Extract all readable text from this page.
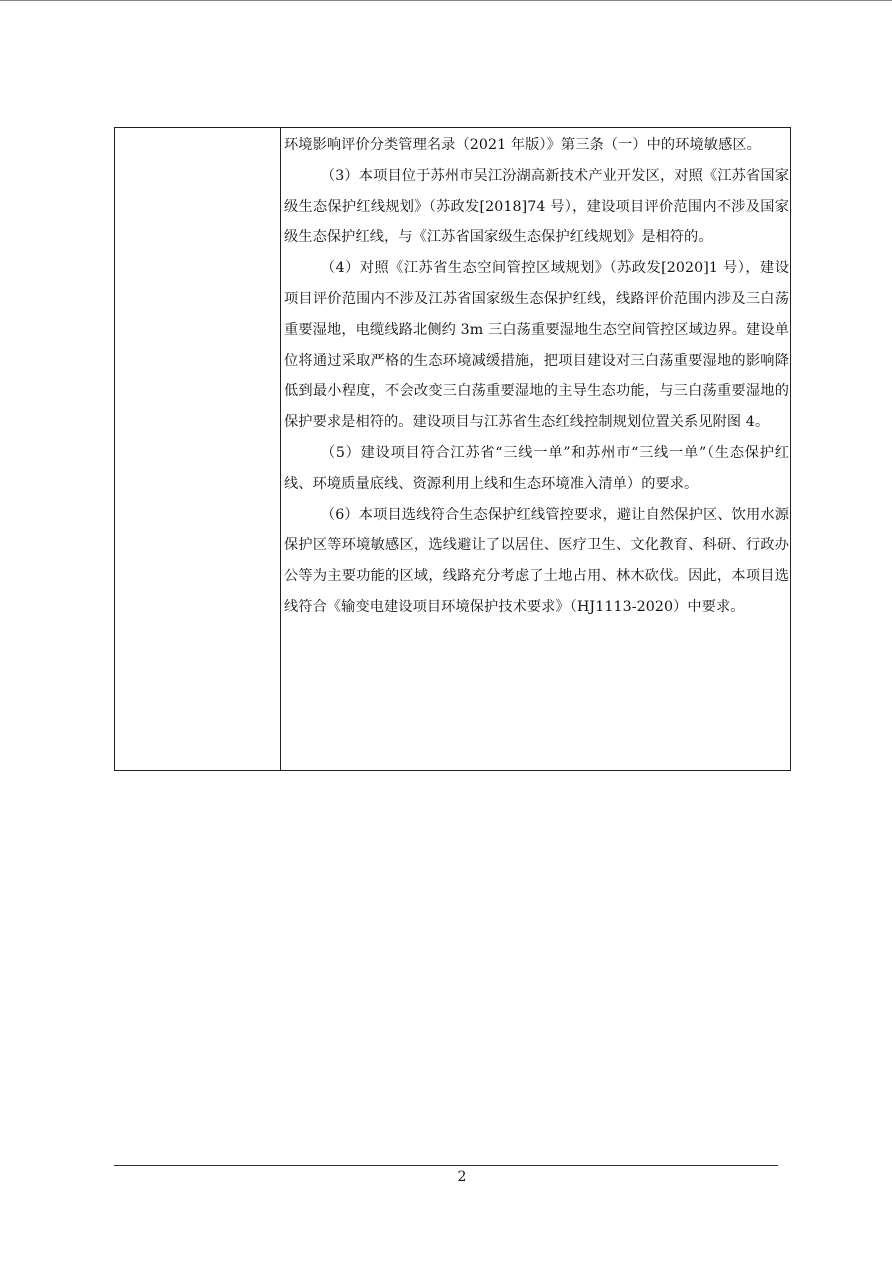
环境影响评价分类管理名录（2021 年版）》第三条（一）中的环境敏感区。

（3）本项目位于苏州市吴江汾湖高新技术产业开发区，对照《江苏省国家级生态保护红线规划》（苏政发[2018]74 号），建设项目评价范围内不涉及国家级生态保护红线，与《江苏省国家级生态保护红线规划》是相符的。

（4）对照《江苏省生态空间管控区域规划》（苏政发[2020]1 号），建设项目评价范围内不涉及江苏省国家级生态保护红线，线路评价范围内涉及三白荡重要湿地，电缆线路北侧约 3m 三白荡重要湿地生态空间管控区域边界。建设单位将通过采取严格的生态环境减缓措施，把项目建设对三白荡重要湿地的影响降低到最小程度，不会改变三白荡重要湿地的主导生态功能，与三白荡重要湿地的保护要求是相符的。建设项目与江苏省生态红线控制规划位置关系见附图 4。

（5）建设项目符合江苏省“三线一单”和苏州市“三线一单”（生态保护红线、环境质量底线、资源利用上线和生态环境准入清单）的要求。

（6）本项目选线符合生态保护红线管控要求，避让自然保护区、饮用水源保护区等环境敏感区，选线避让了以居住、医疗卫生、文化教育、科研、行政办公等为主要功能的区域，线路充分考虑了土地占用、林木砍伐。因此，本项目选线符合《输变电建设项目环境保护技术要求》（HJ1113-2020）中要求。

2
